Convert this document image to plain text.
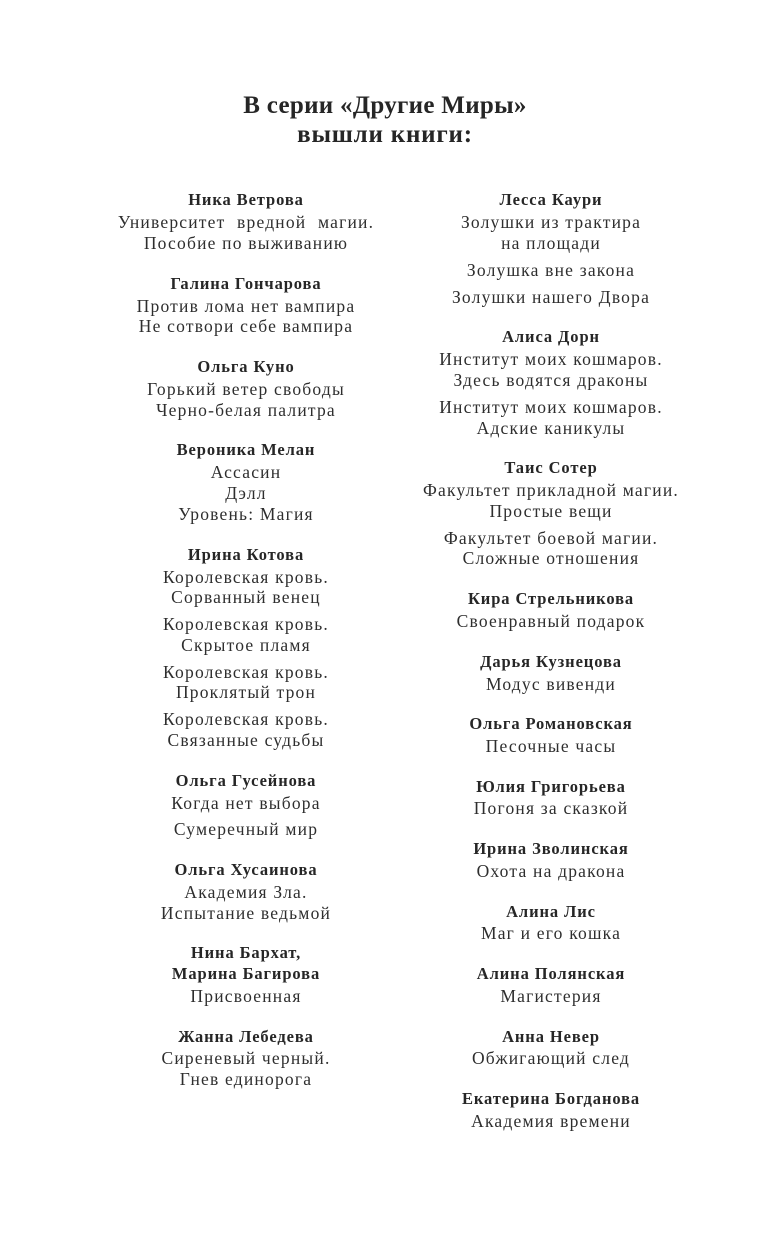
В серии «Другие Миры»
вышли книги:
Ника Ветрова
Университет вредной магии.
Пособие по выживанию
Галина Гончарова
Против лома нет вампира
Не сотвори себе вампира
Ольга Куно
Горький ветер свободы
Черно-белая палитра
Вероника Мелан
Ассасин
Дэлл
Уровень: Магия
Ирина Котова
Королевская кровь.
Сорванный венец
Королевская кровь.
Скрытое пламя
Королевская кровь.
Проклятый трон
Королевская кровь.
Связанные судьбы
Ольга Гусейнова
Когда нет выбора
Сумеречный мир
Ольга Хусаинова
Академия Зла.
Испытание ведьмой
Нина Бархат,
Марина Багирова
Присвоенная
Жанна Лебедева
Сиреневый черный.
Гнев единорога
Лесса Каури
Золушки из трактира
на площади
Золушка вне закона
Золушки нашего Двора
Алиса Дорн
Институт моих кошмаров.
Здесь водятся драконы
Институт моих кошмаров.
Адские каникулы
Таис Сотер
Факультет прикладной магии.
Простые вещи
Факультет боевой магии.
Сложные отношения
Кира Стрельникова
Своенравный подарок
Дарья Кузнецова
Модус вивенди
Ольга Романовская
Песочные часы
Юлия Григорьева
Погоня за сказкой
Ирина Зволинская
Охота на дракона
Алина Лис
Маг и его кошка
Алина Полянская
Магистерия
Анна Невер
Обжигающий след
Екатерина Богданова
Академия времени
